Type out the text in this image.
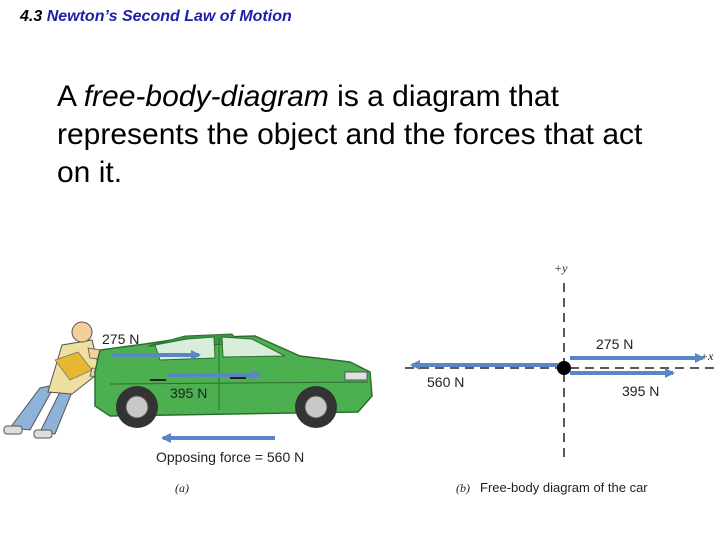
4.3 Newton’s Second Law of Motion
A free-body-diagram is a diagram that represents the object and the forces that act on it.
275 N
395 N
Opposing force = 560 N
(a)
+y
+x
275 N
395 N
560 N
(b) Free-body diagram of the car
